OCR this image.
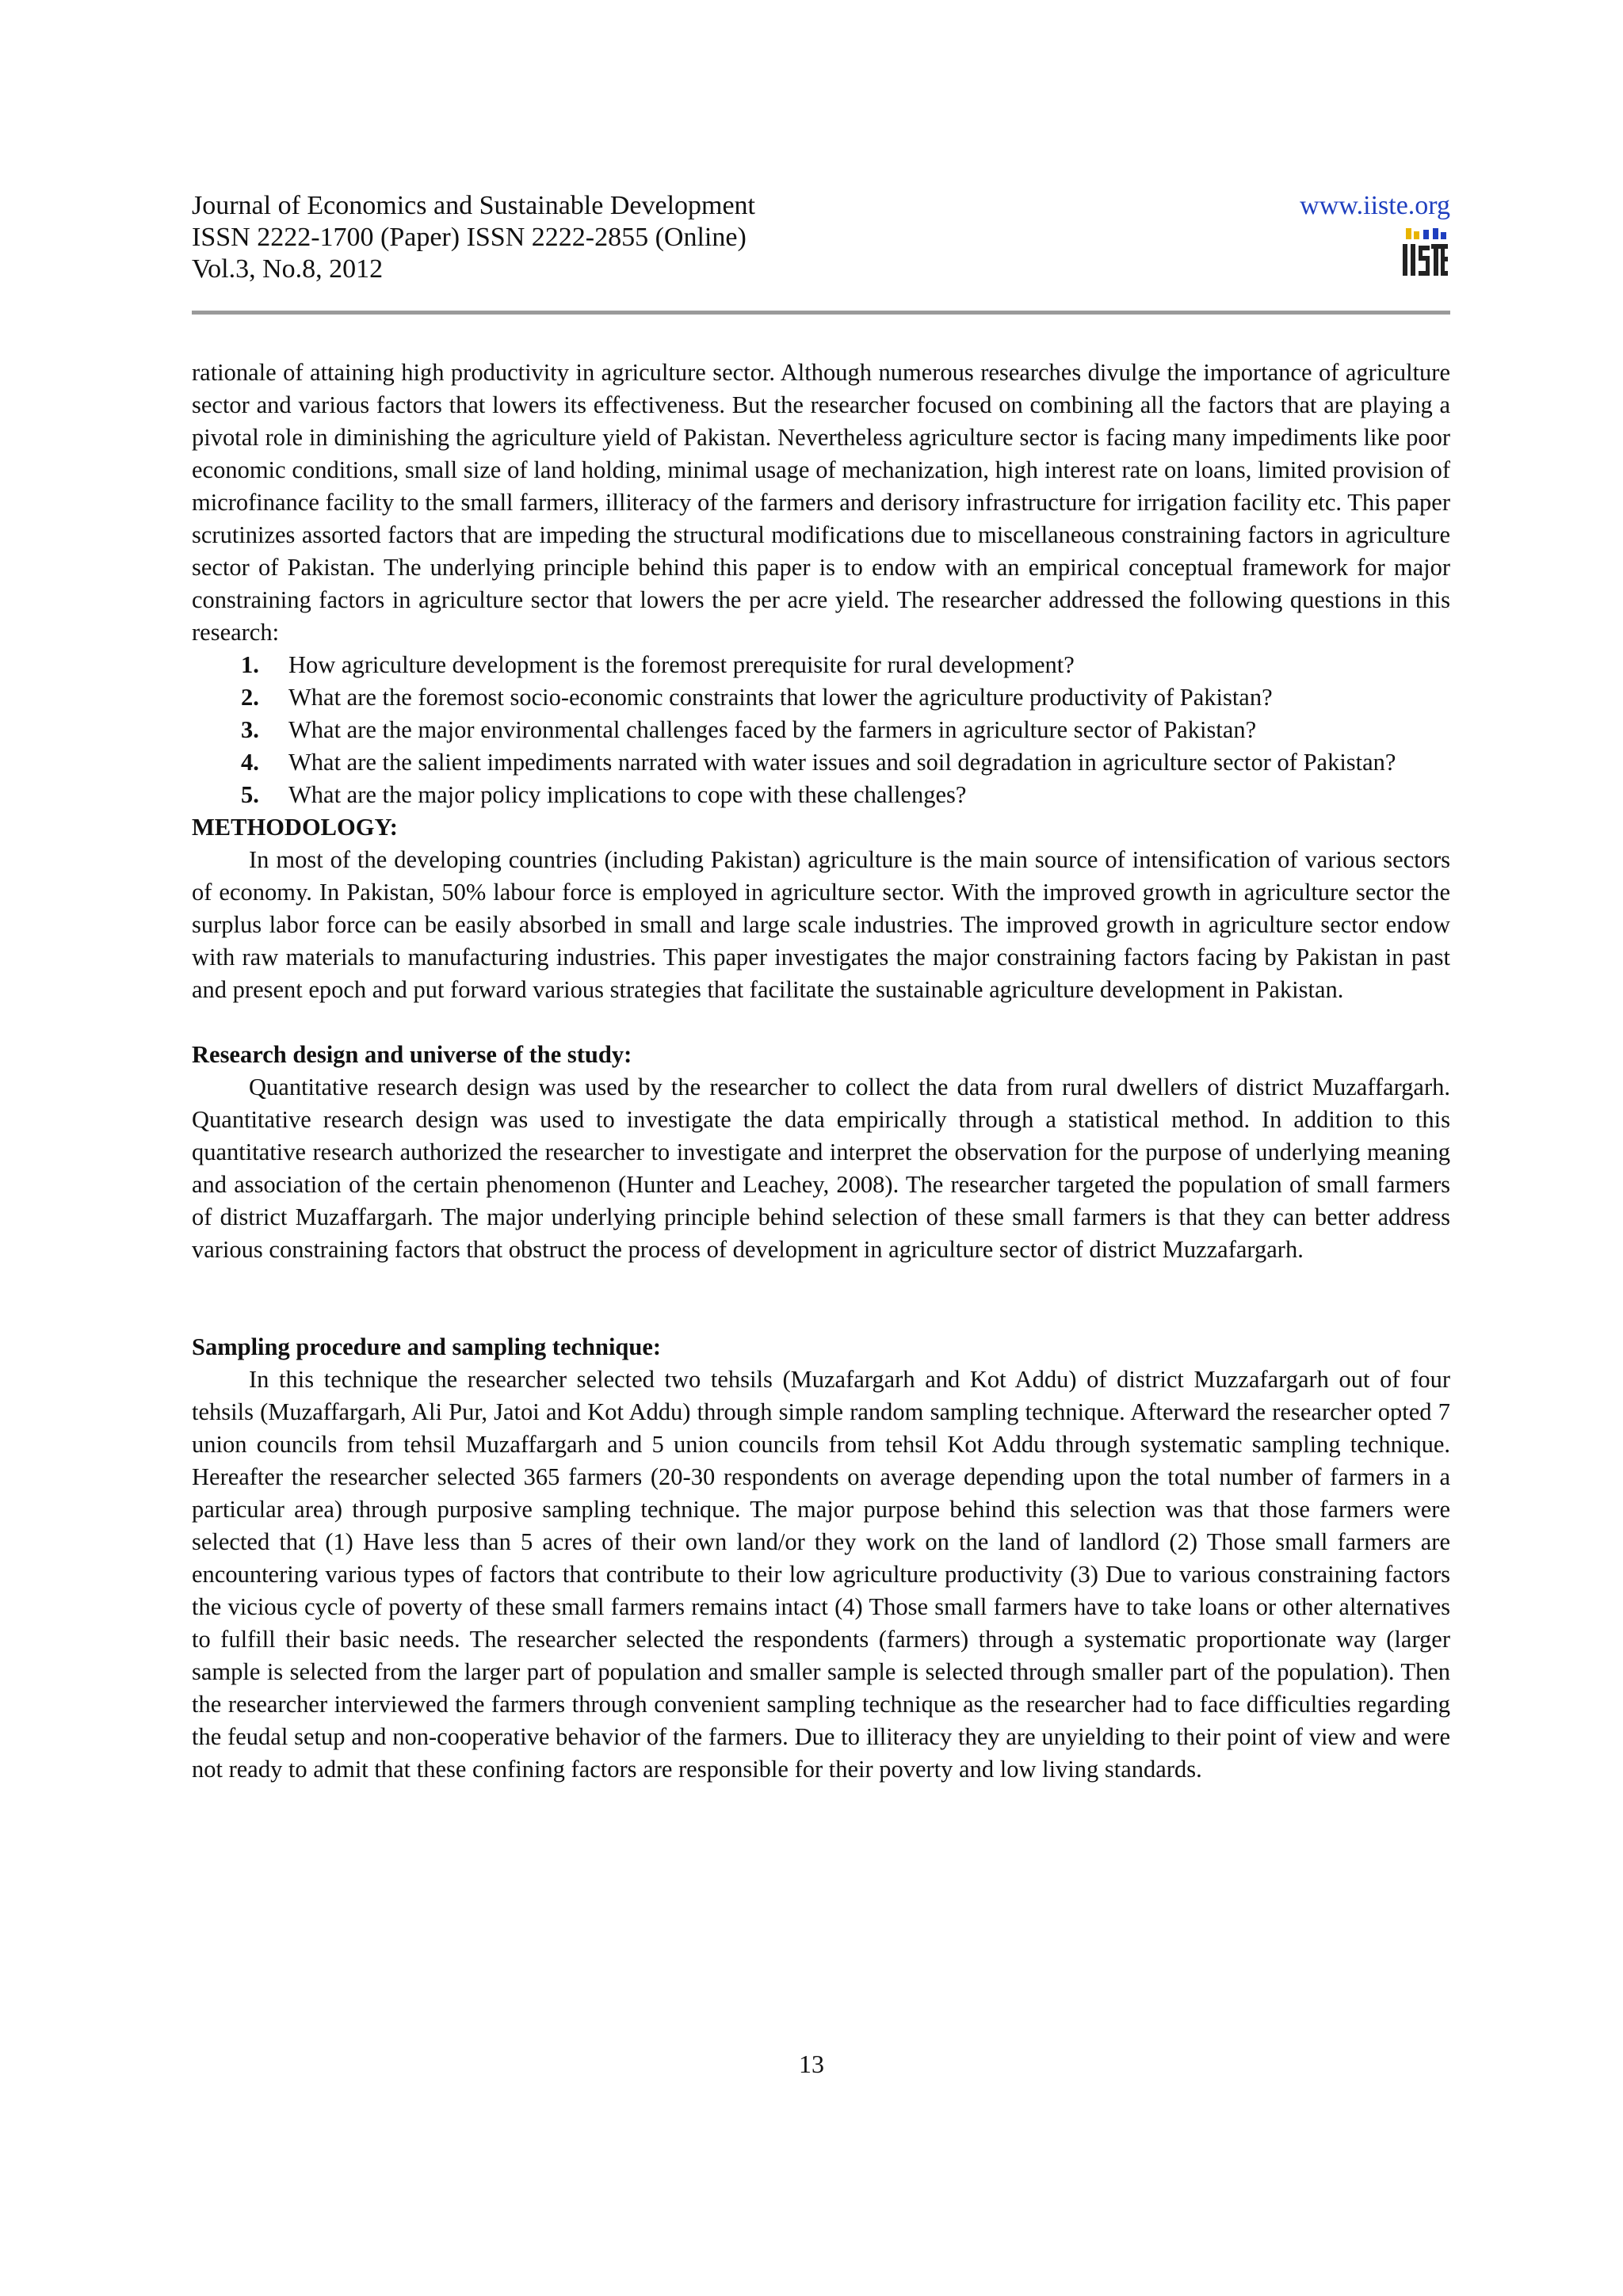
Journal of Economics and Sustainable Development
ISSN 2222-1700 (Paper) ISSN 2222-2855 (Online)
Vol.3, No.8, 2012
www.iiste.org

rationale of attaining high productivity in agriculture sector. Although numerous researches divulge the importance of agriculture sector and various factors that lowers its effectiveness. But the researcher focused on combining all the factors that are playing a pivotal role in diminishing the agriculture yield of Pakistan. Nevertheless agriculture sector is facing many impediments like poor economic conditions, small size of land holding, minimal usage of mechanization, high interest rate on loans, limited provision of microfinance facility to the small farmers, illiteracy of the farmers and derisory infrastructure for irrigation facility etc. This paper scrutinizes assorted factors that are impeding the structural modifications due to miscellaneous constraining factors in agriculture sector of Pakistan. The underlying principle behind this paper is to endow with an empirical conceptual framework for major constraining factors in agriculture sector that lowers the per acre yield. The researcher addressed the following questions in this research:

1. How agriculture development is the foremost prerequisite for rural development?
2. What are the foremost socio-economic constraints that lower the agriculture productivity of Pakistan?
3. What are the major environmental challenges faced by the farmers in agriculture sector of Pakistan?
4. What are the salient impediments narrated with water issues and soil degradation in agriculture sector of Pakistan?
5. What are the major policy implications to cope with these challenges?

METHODOLOGY:

In most of the developing countries (including Pakistan) agriculture is the main source of intensification of various sectors of economy. In Pakistan, 50% labour force is employed in agriculture sector. With the improved growth in agriculture sector the surplus labor force can be easily absorbed in small and large scale industries. The improved growth in agriculture sector endow with raw materials to manufacturing industries. This paper investigates the major constraining factors facing by Pakistan in past and present epoch and put forward various strategies that facilitate the sustainable agriculture development in Pakistan.

Research design and universe of the study:

Quantitative research design was used by the researcher to collect the data from rural dwellers of district Muzaffargarh. Quantitative research design was used to investigate the data empirically through a statistical method. In addition to this quantitative research authorized the researcher to investigate and interpret the observation for the purpose of underlying meaning and association of the certain phenomenon (Hunter and Leachey, 2008). The researcher targeted the population of small farmers of district Muzaffargarh. The major underlying principle behind selection of these small farmers is that they can better address various constraining factors that obstruct the process of development in agriculture sector of district Muzzafargarh.

Sampling procedure and sampling technique:

In this technique the researcher selected two tehsils (Muzafargarh and Kot Addu) of district Muzzafargarh out of four tehsils (Muzaffargarh, Ali Pur, Jatoi and Kot Addu) through simple random sampling technique. Afterward the researcher opted 7 union councils from tehsil Muzaffargarh and 5 union councils from tehsil Kot Addu through systematic sampling technique. Hereafter the researcher selected 365 farmers (20-30 respondents on average depending upon the total number of farmers in a particular area) through purposive sampling technique. The major purpose behind this selection was that those farmers were selected that (1) Have less than 5 acres of their own land/or they work on the land of landlord (2) Those small farmers are encountering various types of factors that contribute to their low agriculture productivity (3) Due to various constraining factors the vicious cycle of poverty of these small farmers remains intact (4) Those small farmers have to take loans or other alternatives to fulfill their basic needs. The researcher selected the respondents (farmers) through a systematic proportionate way (larger sample is selected from the larger part of population and smaller sample is selected through smaller part of the population). Then the researcher interviewed the farmers through convenient sampling technique as the researcher had to face difficulties regarding the feudal setup and non-cooperative behavior of the farmers. Due to illiteracy they are unyielding to their point of view and were not ready to admit that these confining factors are responsible for their poverty and low living standards.

13
